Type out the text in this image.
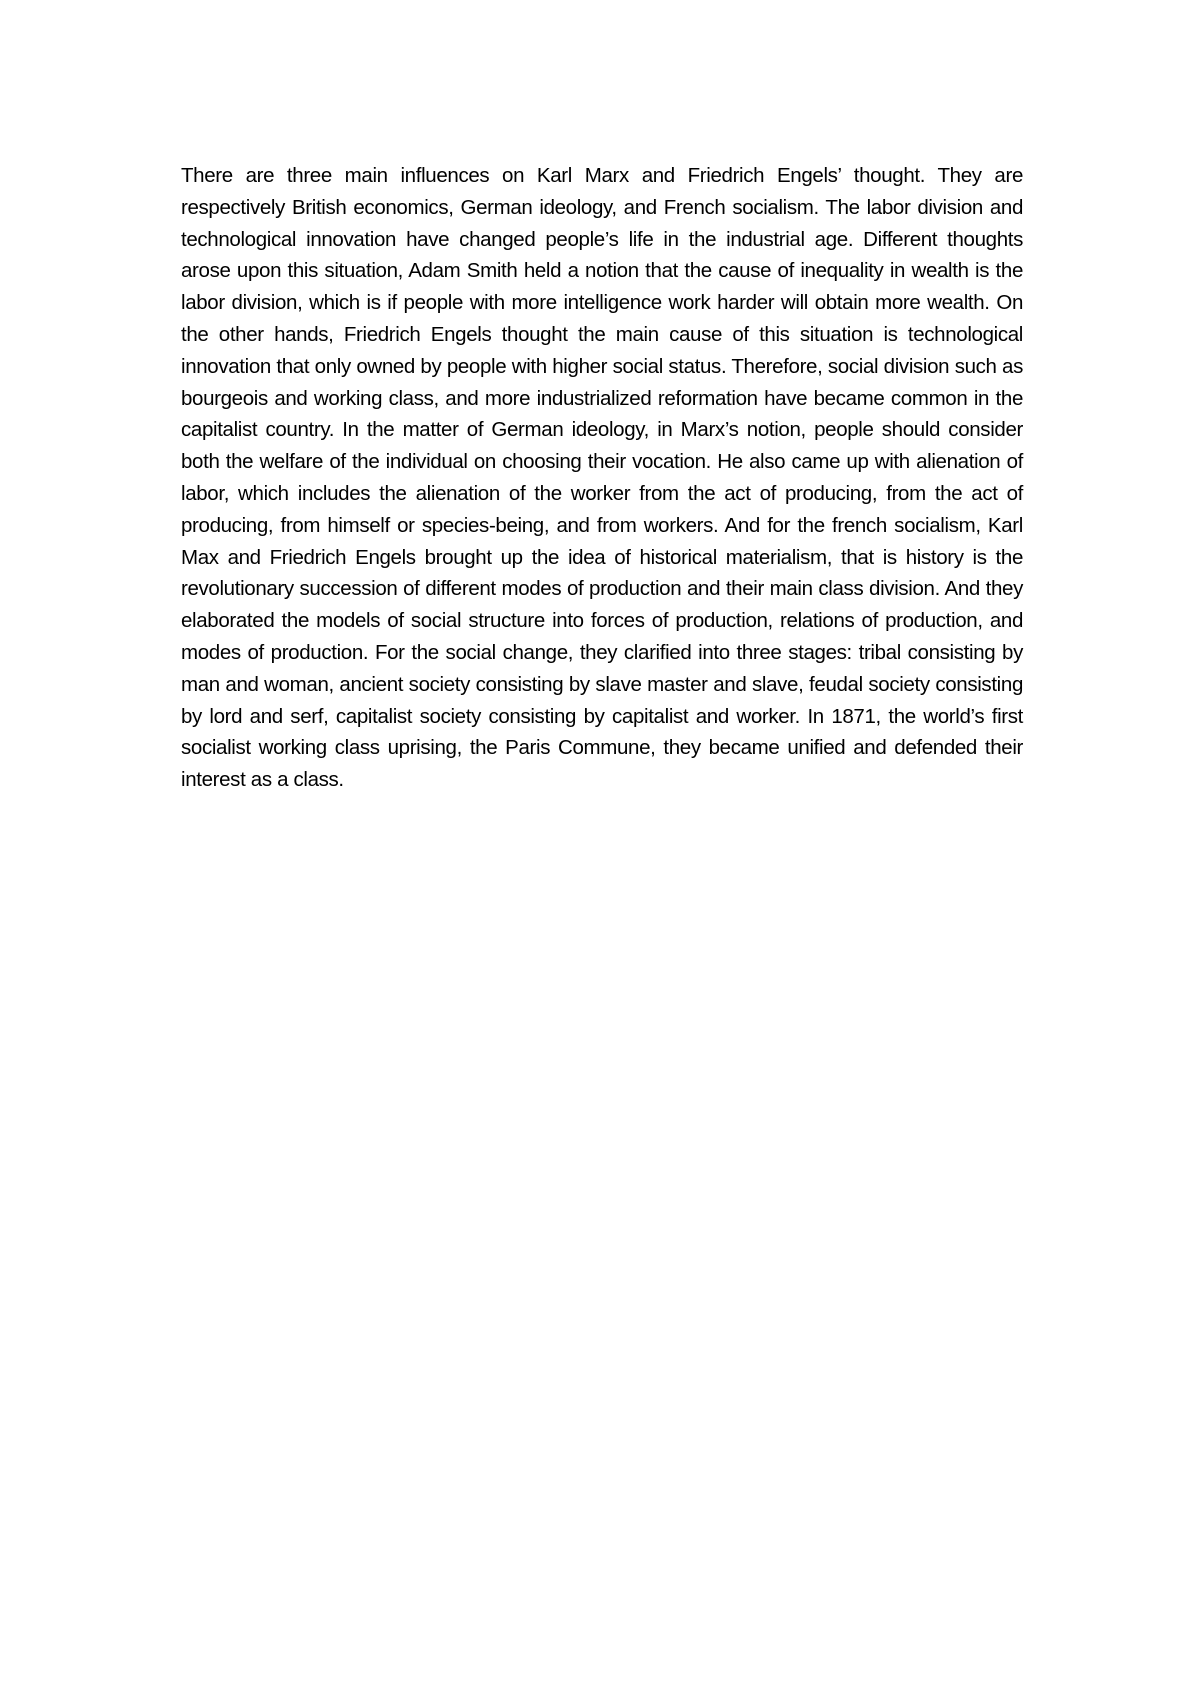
There are three main influences on Karl Marx and Friedrich Engels’ thought. They are respectively British economics, German ideology, and French socialism. The labor division and technological innovation have changed people’s life in the industrial age. Different thoughts arose upon this situation, Adam Smith held a notion that the cause of inequality in wealth is the labor division, which is if people with more intelligence work harder will obtain more wealth. On the other hands, Friedrich Engels thought the main cause of this situation is technological innovation that only owned by people with higher social status. Therefore, social division such as bourgeois and working class, and more industrialized reformation have became common in the capitalist country. In the matter of German ideology, in Marx’s notion, people should consider both the welfare of the individual on choosing their vocation. He also came up with alienation of labor, which includes the alienation of the worker from the act of producing, from the act of producing, from himself or species-being, and from workers. And for the french socialism, Karl Max and Friedrich Engels brought up the idea of historical materialism, that is history is the revolutionary succession of different modes of production and their main class division. And they elaborated the models of social structure into forces of production, relations of production, and modes of production. For the social change, they clarified into three stages: tribal consisting by man and woman, ancient society consisting by slave master and slave, feudal society consisting by lord and serf, capitalist society consisting by capitalist and worker. In 1871, the world’s first socialist working class uprising, the Paris Commune, they became unified and defended their interest as a class.
